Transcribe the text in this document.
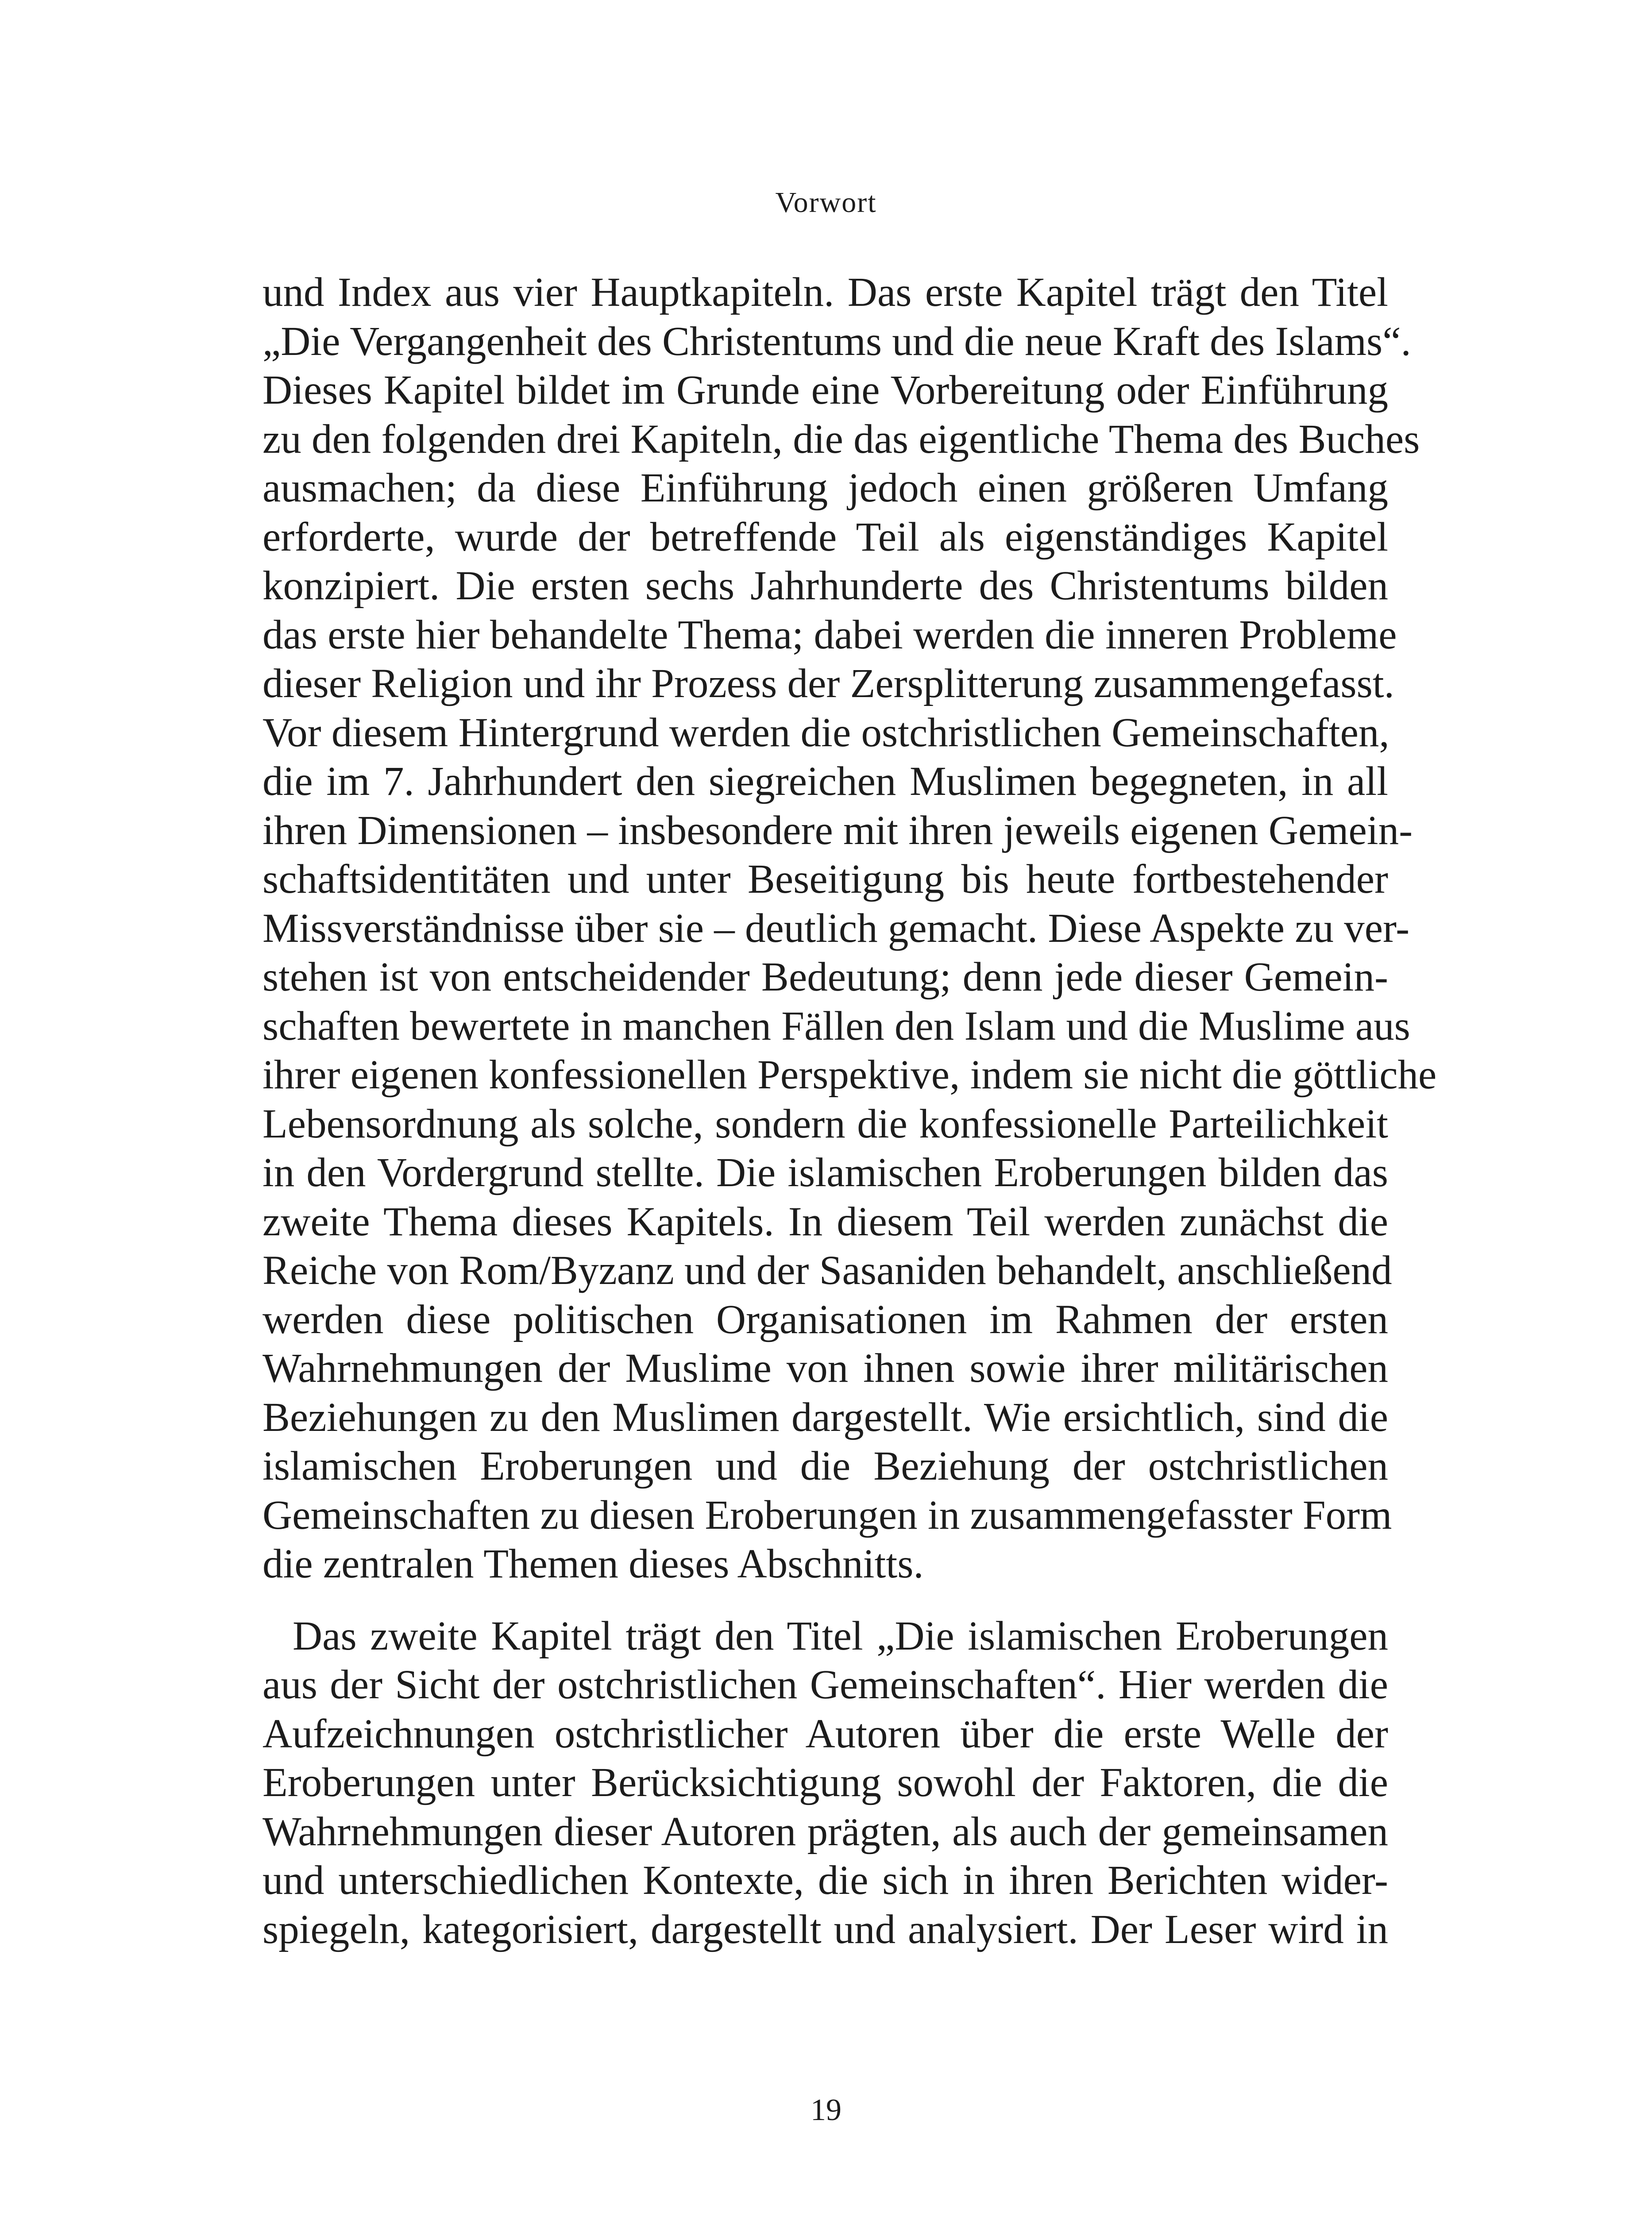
Vorwort
und Index aus vier Hauptkapiteln. Das erste Kapitel trägt den Titel
„Die Vergangenheit des Christentums und die neue Kraft des Islams“.
Dieses Kapitel bildet im Grunde eine Vorbereitung oder Einführung
zu den folgenden drei Kapiteln, die das eigentliche Thema des Buches
ausmachen; da diese Einführung jedoch einen größeren Umfang
erforderte, wurde der betreffende Teil als eigenständiges Kapitel
konzipiert. Die ersten sechs Jahrhunderte des Christentums bilden
das erste hier behandelte Thema; dabei werden die inneren Probleme
dieser Religion und ihr Prozess der Zersplitterung zusammengefasst.
Vor diesem Hintergrund werden die ostchristlichen Gemeinschaften,
die im 7. Jahrhundert den siegreichen Muslimen begegneten, in all
ihren Dimensionen – insbesondere mit ihren jeweils eigenen Gemein-
schaftsidentitäten und unter Beseitigung bis heute fortbestehender
Missverständnisse über sie – deutlich gemacht. Diese Aspekte zu ver-
stehen ist von entscheidender Bedeutung; denn jede dieser Gemein-
schaften bewertete in manchen Fällen den Islam und die Muslime aus
ihrer eigenen konfessionellen Perspektive, indem sie nicht die göttliche
Lebensordnung als solche, sondern die konfessionelle Parteilichkeit
in den Vordergrund stellte. Die islamischen Eroberungen bilden das
zweite Thema dieses Kapitels. In diesem Teil werden zunächst die
Reiche von Rom/Byzanz und der Sasaniden behandelt, anschließend
werden diese politischen Organisationen im Rahmen der ersten
Wahrnehmungen der Muslime von ihnen sowie ihrer militärischen
Beziehungen zu den Muslimen dargestellt. Wie ersichtlich, sind die
islamischen Eroberungen und die Beziehung der ostchristlichen
Gemeinschaften zu diesen Eroberungen in zusammengefasster Form
die zentralen Themen dieses Abschnitts.
Das zweite Kapitel trägt den Titel „Die islamischen Eroberungen
aus der Sicht der ostchristlichen Gemeinschaften“. Hier werden die
Aufzeichnungen ostchristlicher Autoren über die erste Welle der
Eroberungen unter Berücksichtigung sowohl der Faktoren, die die
Wahrnehmungen dieser Autoren prägten, als auch der gemeinsamen
und unterschiedlichen Kontexte, die sich in ihren Berichten wider-
spiegeln, kategorisiert, dargestellt und analysiert. Der Leser wird in
19
